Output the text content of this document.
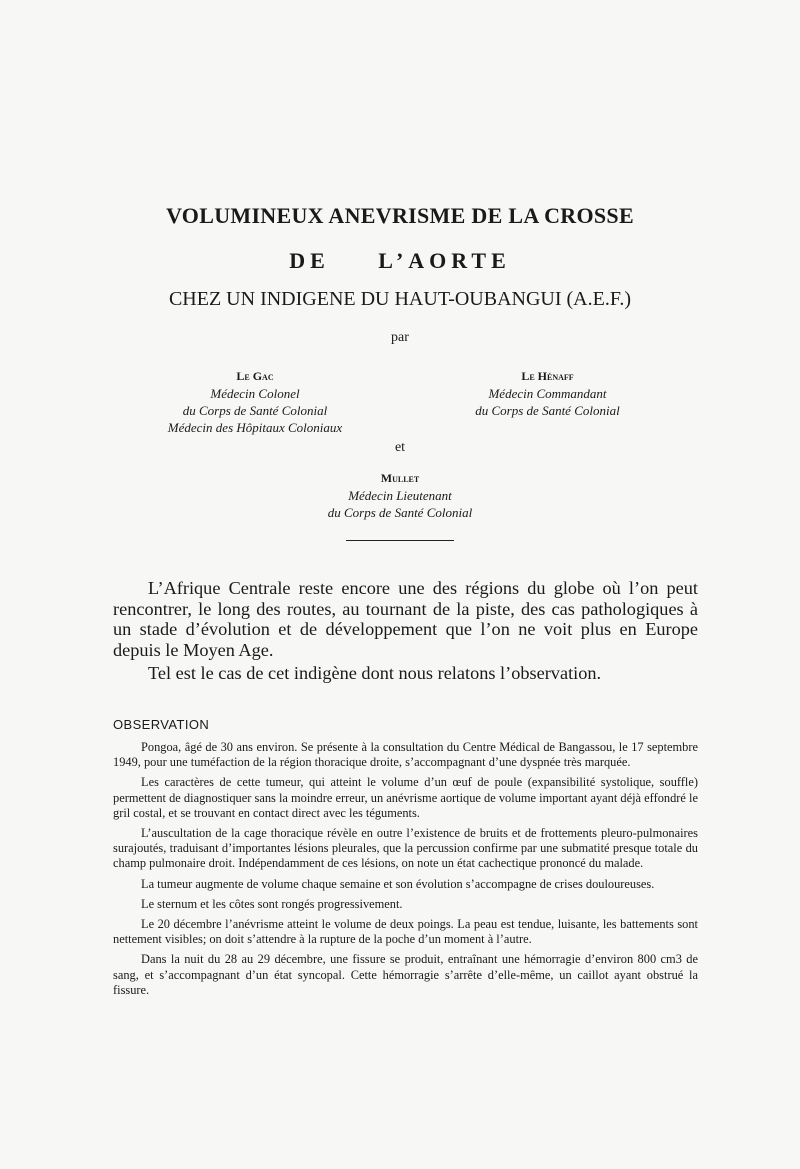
VOLUMINEUX ANEVRISME DE LA CROSSE
DE L’AORTE
CHEZ UN INDIGENE DU HAUT-OUBANGUI (A.E.F.)
par
Le Gac
Médecin Colonel
du Corps de Santé Colonial
Médecin des Hôpitaux Coloniaux
Le Hénaff
Médecin Commandant
du Corps de Santé Colonial
et
Mullet
Médecin Lieutenant
du Corps de Santé Colonial

L’Afrique Centrale reste encore une des régions du globe où l’on peut rencontrer, le long des routes, au tournant de la piste, des cas pathologiques à un stade d’évolution et de développement que l’on ne voit plus en Europe depuis le Moyen Age.

Tel est le cas de cet indigène dont nous relatons l’observation.

OBSERVATION

Pongoa, âgé de 30 ans environ. Se présente à la consultation du Centre Médical de Bangassou, le 17 septembre 1949, pour une tuméfaction de la région thoracique droite, s’accompagnant d’une dyspnée très marquée.

Les caractères de cette tumeur, qui atteint le volume d’un œuf de poule (expansibilité systolique, souffle) permettent de diagnostiquer sans la moindre erreur, un anévrisme aortique de volume important ayant déjà effondré le gril costal, et se trouvant en contact direct avec les téguments.

L’auscultation de la cage thoracique révèle en outre l’existence de bruits et de frottements pleuro-pulmonaires surajoutés, traduisant d’importantes lésions pleurales, que la percussion confirme par une submatité presque totale du champ pulmonaire droit. Indépendamment de ces lésions, on note un état cachectique prononcé du malade.

La tumeur augmente de volume chaque semaine et son évolution s’accompagne de crises douloureuses.

Le sternum et les côtes sont rongés progressivement.

Le 20 décembre l’anévrisme atteint le volume de deux poings. La peau est tendue, luisante, les battements sont nettement visibles; on doit s’attendre à la rupture de la poche d’un moment à l’autre.

Dans la nuit du 28 au 29 décembre, une fissure se produit, entraînant une hémorragie d’environ 800 cm3 de sang, et s’accompagnant d’un état syncopal. Cette hémorragie s’arrête d’elle-même, un caillot ayant obstrué la fissure.
